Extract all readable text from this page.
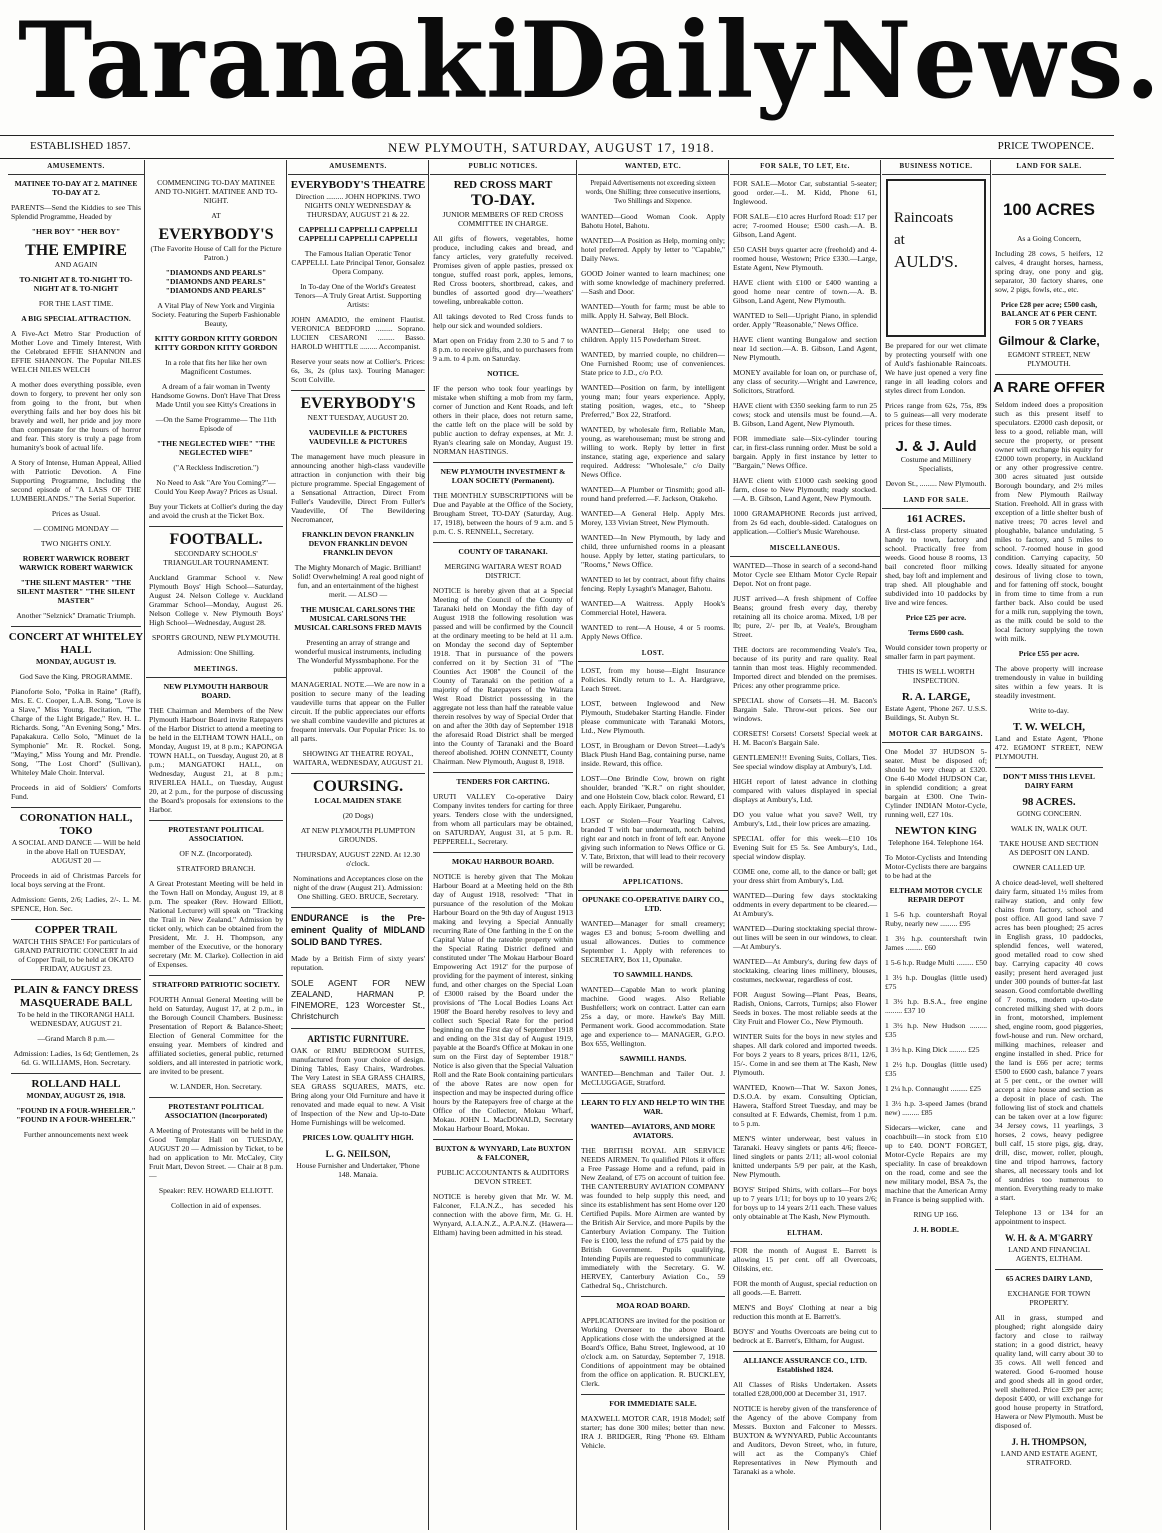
Taranaki
Daily News.
ESTABLISHED 1857.	NEW PLYMOUTH, SATURDAY, AUGUST 17, 1918.	PRICE TWOPENCE.
AMUSEMENTS.
MATINEE TO-DAY AT 2. MATINEE TO-DAY AT 2.
PARENTS—Send the Kiddies to see This Splendid Programme, Headed by
"HER BOY" "HER BOY"
THE EMPIRE
AND AGAIN
TO-NIGHT AT 8. TO-NIGHT TO-NIGHT AT 8. TO-NIGHT
FOR THE LAST TIME.
A BIG SPECIAL ATTRACTION.
A Five-Act Metro Star Production of Mother Love and Timely Interest, With the Celebrated EFFIE SHANNON and EFFIE SHANNON. The Popular NILES WELCH NILES WELCH
A mother does everything possible, even down to forgery, to prevent her only son from going to the front, but when everything fails and her boy does his bit bravely and well, her pride and joy more than compensate for the hours of horror and fear. This story is truly a page from humanity's book of actual life.
A Story of Intense, Human Appeal, Allied with Patriotic Devotion. A Fine Supporting Programme, Including the second episode of "A LASS OF THE LUMBERLANDS." The Serial Superior.
Prices as Usual.
— COMING MONDAY —
TWO NIGHTS ONLY.
ROBERT WARWICK ROBERT WARWICK ROBERT WARWICK
"THE SILENT MASTER" "THE SILENT MASTER" "THE SILENT MASTER"
Another "Selznick" Dramatic Triumph.
CONCERT AT WHITELEY HALL
MONDAY, AUGUST 19.
God Save the King. PROGRAMME.
Pianoforte Solo, "Polka in Raine" (Raff), Mrs. E. C. Cooper, L.A.B. Song, "Love is a Slave," Miss Young. Recitation, "The Charge of the Light Brigade," Rev. H. L. Richards. Song, "An Evening Song," Mrs. Papakakura. Cello Solo, "Minuet de la Symphonie" Mr. R. Rockel. Song, "Maying," Miss Young and Mr. Prendle. Song, "The Lost Chord" (Sullivan), Whiteley Male Choir. Interval.
Proceeds in aid of Soldiers' Comforts Fund.
CORONATION HALL, TOKO
A SOCIAL AND DANCE — Will be held in the above Hall on TUESDAY, AUGUST 20 —
Proceeds in aid of Christmas Parcels for local boys serving at the Front.
Admission: Gents, 2/6; Ladies, 2/-. L. M. SPENCE, Hon. Sec.
COPPER TRAIL
WATCH THIS SPACE! For particulars of GRAND PATRIOTIC CONCERT In aid of Copper Trail, to be held at OKATO FRIDAY, AUGUST 23.
PLAIN & FANCY DRESS MASQUERADE BALL
To be held in the TIKORANGI HALL WEDNESDAY, AUGUST 21.
—Grand March 8 p.m.—
Admission: Ladies, 1s 6d; Gentlemen, 2s 6d. G. WILLIAMS, Hon. Secretary.
ROLLAND HALL
MONDAY, AUGUST 26, 1918.
"FOUND IN A FOUR-WHEELER." "FOUND IN A FOUR-WHEELER."
Further announcements next week
COMMENCING TO-DAY MATINEE AND TO-NIGHT. MATINEE AND TO-NIGHT.
AT
EVERYBODY'S
(The Favorite House of Call for the Picture Patron.)
"DIAMONDS AND PEARLS" "DIAMONDS AND PEARLS" "DIAMONDS AND PEARLS"
A Vital Play of New York and Virginia Society. Featuring the Superb Fashionable Beauty,
KITTY GORDON KITTY GORDON KITTY GORDON KITTY GORDON
In a role that fits her like her own Magnificent Costumes.
A dream of a fair woman in Twenty Handsome Gowns. Don't Have That Dress Made Until you see Kitty's Creations in
—On the Same Programme— The 11th Episode of
"THE NEGLECTED WIFE" "THE NEGLECTED WIFE"
("A Reckless Indiscretion.")
No Need to Ask "Are You Coming?"— Could You Keep Away? Prices as Usual.
Buy your Tickets at Collier's during the day and avoid the crush at the Ticket Box.
FOOTBALL.
SECONDARY SCHOOLS' TRIANGULAR TOURNAMENT.
Auckland Grammar School v. New Plymouth Boys' High School—Saturday, August 24. Nelson College v. Auckland Grammar School—Monday, August 26. Nelson College v. New Plymouth Boys' High School—Wednesday, August 28.
SPORTS GROUND, NEW PLYMOUTH.
Admission: One Shilling.
MEETINGS.
NEW PLYMOUTH HARBOUR BOARD.
THE Chairman and Members of the New Plymouth Harbour Board invite Ratepayers of the Harbor District to attend a meeting to be held in the ELTHAM TOWN HALL, on Monday, August 19, at 8 p.m.; KAPONGA TOWN HALL, on Tuesday, August 20, at 8 p.m.; MANGATOKI HALL, on Wednesday, August 21, at 8 p.m.; RIVERLEA HALL, on Tuesday, August 20, at 2 p.m., for the purpose of discussing the Board's proposals for extensions to the Harbor.
PROTESTANT POLITICAL ASSOCIATION.
OF N.Z. (Incorporated).
STRATFORD BRANCH.
A Great Protestant Meeting will be held in the Town Hall on Monday, August 19, at 8 p.m. The speaker (Rev. Howard Elliott, National Lecturer) will speak on "Tracking the Trail in New Zealand." Admission by ticket only, which can be obtained from the President, Mr. J. H. Thompson, any member of the Executive, or the honorary secretary (Mr. M. Clarke). Collection in aid of Expenses.
STRATFORD PATRIOTIC SOCIETY.
FOURTH Annual General Meeting will be held on Saturday, August 17, at 2 p.m., in the Borough Council Chambers. Business: Presentation of Report & Balance-Sheet; Election of General Committee for the ensuing year. Members of kindred and affiliated societies, general public, returned soldiers, and all interested in patriotic work, are invited to be present.
W. LANDER, Hon. Secretary.
PROTESTANT POLITICAL ASSOCIATION (Incorporated)
A Meeting of Protestants will be held in the Good Templar Hall on TUESDAY, AUGUST 20 — Admission by Ticket, to be had on application to Mr. McCaley, City Fruit Mart, Devon Street. — Chair at 8 p.m. —
Speaker: REV. HOWARD ELLIOTT.
Collection in aid of expenses.
AMUSEMENTS.
EVERYBODY'S THEATRE
Direction ......... JOHN HOPKINS. TWO NIGHTS ONLY WEDNESDAY & THURSDAY, AUGUST 21 & 22.
CAPPELLI CAPPELLI CAPPELLI CAPPELLI CAPPELLI CAPPELLI
The Famous Italian Operatic Tenor CAPPELLI. Late Principal Tenor, Gonsalez Opera Company.
In To-day One of the World's Greatest Tenors—A Truly Great Artist. Supporting Artists:
JOHN AMADIO, the eminent Flautist. VERONICA BEDFORD ......... Soprano. LUCIEN CESARONI ......... Basso. HAROLD WHITTLE ......... Accompanist.
Reserve your seats now at Collier's. Prices: 6s, 3s, 2s (plus tax). Touring Manager: Scott Colville.
EVERYBODY'S
NEXT TUESDAY, AUGUST 20.
VAUDEVILLE & PICTURES VAUDEVILLE & PICTURES
The management have much pleasure in announcing another high-class vaudeville attraction in conjunction with their big picture programme. Special Engagement of a Sensational Attraction, Direct From Fuller's Vaudeville, Direct From Fuller's Vaudeville, Of The Bewildering Necromancer,
FRANKLIN DEVON FRANKLIN DEVON FRANKLIN DEVON FRANKLIN DEVON
The Mighty Monarch of Magic. Brilliant! Solid! Overwhelming! A real good night of fun, and an entertainment of the highest merit. — ALSO —
THE MUSICAL CARLSONS THE MUSICAL CARLSONS THE MUSICAL CARLSONS FRED MAVIS
Presenting an array of strange and wonderful musical instruments, including The Wonderful Myssmbaphone. For the public approval.
MANAGERIAL NOTE.—We are now in a position to secure many of the leading vaudeville turns that appear on the Fuller circuit. If the public appreciates our efforts we shall combine vaudeville and pictures at frequent intervals. Our Popular Price: 1s. to all parts.
SHOWING AT THEATRE ROYAL, WAITARA, WEDNESDAY, AUGUST 21.
COURSING.
LOCAL MAIDEN STAKE
(20 Dogs)
AT NEW PLYMOUTH PLUMPTON GROUNDS.
THURSDAY, AUGUST 22ND. At 12.30 o'clock.
Nominations and Acceptances close on the night of the draw (August 21). Admission: One Shilling. GEO. BRUCE, Secretary.
ENDURANCE is the Pre-eminent Quality of MIDLAND SOLID BAND TYRES.
Made by a British Firm of sixty years' reputation.
SOLE AGENT FOR NEW ZEALAND, HARMAN P. FINEMORE, 123 Worcester St., Christchurch
ARTISTIC FURNITURE.
OAK or RIMU BEDROOM SUITES, manufactured from your choice of design. Dining Tables, Easy Chairs, Wardrobes. The Very Latest in SEA GRASS CHAIRS, SEA GRASS SQUARES, MATS, etc. Bring along your Old Furniture and have it renovated and made equal to new. A Visit of Inspection of the New and Up-to-Date Home Furnishings will be welcomed.
PRICES LOW. QUALITY HIGH.
L. G. NEILSON,
House Furnisher and Undertaker, 'Phone 148. Manaia.
PUBLIC NOTICES.
RED CROSS MART
TO-DAY.
JUNIOR MEMBERS OF RED CROSS COMMITTEE IN CHARGE.
All gifts of flowers, vegetables, home produce, including cakes and bread, and fancy articles, very gratefully received. Promises given of apple pasties, pressed ox tongue, stuffed roast pork, apples, lemons, Red Cross booters, shortbread, cakes, and bundles of assorted good dry—'weathers' toweling, unbreakable cotton.
All takings devoted to Red Cross funds to help our sick and wounded soldiers.
Mart open on Friday from 2.30 to 5 and 7 to 8 p.m. to receive gifts, and to purchasers from 9 a.m. to 4 p.m. on Saturday.
NOTICE.
IF the person who took four yearlings by mistake when shifting a mob from my farm, corner of Junction and Kent Roads, and left others in their place, does not return same, the cattle left on the place will be sold by public auction to defray expenses, at Mr. J. Ryan's clearing sale on Monday, August 19. NORMAN HASTINGS.
NEW PLYMOUTH INVESTMENT & LOAN SOCIETY (Permanent).
THE MONTHLY SUBSCRIPTIONS will be Due and Payable at the Office of the Society, Brougham Street, TO-DAY (Saturday, Aug. 17, 1918), between the hours of 9 a.m. and 5 p.m. C. S. RENNELL, Secretary.
COUNTY OF TARANAKI.
MERGING WAITARA WEST ROAD DISTRICT.
NOTICE is hereby given that at a Special Meeting of the Council of the County of Taranaki held on Monday the fifth day of August 1918 the following resolution was passed and will be confirmed by the Council at the ordinary meeting to be held at 11 a.m. on Monday the second day of September 1918. That in pursuance of the powers conferred on it by Section 31 of "The Counties Act 1908" the Council of the County of Taranaki on the petition of a majority of the Ratepayers of the Waitara West Road District possessing in the aggregate not less than half the rateable value therein resolves by way of Special Order that on and after the 30th day of September 1918 the aforesaid Road District shall be merged into the County of Taranaki and the Board thereof abolished. JOHN CONNETT, County Chairman. New Plymouth, August 8, 1918.
TENDERS FOR CARTING.
URUTI VALLEY Co-operative Dairy Company invites tenders for carting for three years. Tenders close with the undersigned, from whom all particulars may be obtained, on SATURDAY, August 31, at 5 p.m. R. PEPPERELL, Secretary.
MOKAU HARBOUR BOARD.
NOTICE is hereby given that The Mokau Harbour Board at a Meeting held on the 8th day of August 1918, resolved: "That in pursuance of the resolution of the Mokau Harbour Board on the 9th day of August 1913 making and levying a Special Annually recurring Rate of One farthing in the £ on the Capital Value of the rateable property within the Special Rating District defined and constituted under 'The Mokau Harbour Board Empowering Act 1912' for the purpose of providing for the payment of interest, sinking fund, and other charges on the Special Loan of £3000 raised by the Board under the provisions of 'The Local Bodies Loans Act 1908' the Board hereby resolves to levy and collect such Special Rate for the period beginning on the First day of September 1918 and ending on the 31st day of August 1919, payable at the Board's Office at Mokau in one sum on the First day of September 1918." Notice is also given that the Special Valuation Roll and the Rate Book containing particulars of the above Rates are now open for inspection and may be inspected during office hours by the Ratepayers free of charge at the Office of the Collector, Mokau Wharf, Mokau. JOHN L. MacDONALD, Secretary Mokau Harbour Board, Mokau.
BUXTON & WYNYARD, Late BUXTON & FALCONER,
PUBLIC ACCOUNTANTS & AUDITORS DEVON STREET.
NOTICE is hereby given that Mr. W. M. Falconer, F.I.A.N.Z., has seceded his connection with the above firm, Mr. G. H. Wynyard, A.I.A.N.Z., A.P.A.N.Z. (Hawera—Eltham) having been admitted in his stead.
WANTED, ETC.
Prepaid Advertisements not exceeding sixteen words, One Shilling; three consecutive insertions, Two Shillings and Sixpence.
WANTED—Good Woman Cook. Apply Bahotu Hotel, Bahotu.
WANTED—A Position as Help, morning only; hotel preferred. Apply by letter to "Capable," Daily News.
GOOD Joiner wanted to learn machines; one with some knowledge of machinery preferred.—Sash and Door.
WANTED—Youth for farm; must be able to milk. Apply H. Salway, Bell Block.
WANTED—General Help; one used to children. Apply 115 Powderham Street.
WANTED, by married couple, no children—One Furnished Room; use of conveniences. State price to J.D., c/o P.O.
WANTED—Position on farm, by intelligent young man; four years experience. Apply, stating position, wages, etc., to "Sheep Preferred," Box 22, Stratford.
WANTED, by wholesale firm, Reliable Man, young, as warehouseman; must be strong and willing to work. Reply by letter in first instance, stating age, experience and salary required. Address: "Wholesale," c/o Daily News Office.
WANTED—A Plumber or Tinsmith; good all-round hand preferred.—F. Jackson, Otakeho.
WANTED—A General Help. Apply Mrs. Morey, 133 Vivian Street, New Plymouth.
WANTED—In New Plymouth, by lady and child, three unfurnished rooms in a pleasant house. Apply by letter, stating particulars, to "Rooms," News Office.
WANTED to let by contract, about fifty chains fencing. Reply Lysaght's Manager, Bahotu.
WANTED—A Waitress. Apply Hook's Commercial Hotel, Hawera.
WANTED to rent—A House, 4 or 5 rooms. Apply News Office.
LOST.
LOST, from my house—Eight Insurance Policies. Kindly return to L. A. Hardgrave, Leach Street.
LOST, between Inglewood and New Plymouth, Studebaker Starting Handle. Finder please communicate with Taranaki Motors, Ltd., New Plymouth.
LOST, in Brougham or Devon Street—Lady's Black Plush Hand Bag, containing purse, name inside. Reward, this office.
LOST—One Brindle Cow, brown on right shoulder, branded "K.R." on right shoulder, and one Holstein Cow, black color. Reward, £1 each. Apply Eirikaer, Pungarehu.
LOST or Stolen—Four Yearling Calves, branded T with bar underneath, notch behind right ear and notch in front of left ear. Anyone giving such information to News Office or G. V. Tate, Brixton, that will lead to their recovery will be rewarded.
APPLICATIONS.
OPUNAKE CO-OPERATIVE DAIRY CO., LTD.
WANTED—Manager for small creamery; wages £3 and bonus; 5-room dwelling and usual allowances. Duties to commence September 1. Apply with references to SECRETARY, Box 11, Opunake.
TO SAWMILL HANDS.
WANTED—Capable Man to work planing machine. Good wages. Also Reliable Bushfellers; work on contract. Latter can earn 25s a day, or more. Hawke's Bay Mill. Permanent work. Good accommodation. State age and experience to— MANAGER, G.P.O. Box 655, Wellington.
SAWMILL HANDS.
WANTED—Benchman and Tailer Out. J. McCLUGGAGE, Stratford.
LEARN TO FLY AND HELP TO WIN THE WAR.
WANTED—AVIATORS, AND MORE AVIATORS.
THE BRITISH ROYAL AIR SERVICE NEEDS AIRMEN. To qualified Pilots it offers a Free Passage Home and a refund, paid in New Zealand, of £75 on account of tuition fee. THE CANTERBURY AVIATION COMPANY was founded to help supply this need, and since its establishment has sent Home over 120 Certified Pupils. More Airmen are wanted by the British Air Service, and more Pupils by the Canterbury Aviation Company. The Tuition Fee is £100, less the refund of £75 paid by the British Government. Pupils qualifying, Intending Pupils are requested to communicate immediately with the Secretary. G. W. HERVEY, Canterbury Aviation Co., 59 Cathedral Sq., Christchurch.
MOA ROAD BOARD.
APPLICATIONS are invited for the position or Working Overseer to the above Board. Applications close with the undersigned at the Board's Office, Bahu Street, Inglewood, at 10 o'clock a.m. on Saturday, September 7, 1918. Conditions of appointment may be obtained from the office on application. R. BUCKLEY, Clerk.
FOR IMMEDIATE SALE.
MAXWELL MOTOR CAR, 1918 Model; self starter; has done 300 miles; better than new. IRA J. BRIDGER, Ring 'Phone 69. Eltham Vehicle.
FOR SALE, TO LET, Etc.
FOR SALE—Motor Car, substantial 5-seater; good order.—L. M. Kidd, Phone 61, Inglewood.
FOR SALE—£10 acres Hurford Road: £17 per acre; 7-roomed House; £500 cash.—A. B. Gibson, Land Agent.
£50 CASH buys quarter acre (freehold) and 4-roomed house, Westown; Price £330.—Large, Estate Agent, New Plymouth.
HAVE client with £100 or £400 wanting a good home near centre of town.—A. B. Gibson, Land Agent, New Plymouth.
WANTED to Sell—Upright Piano, in splendid order. Apply "Reasonable," News Office.
HAVE client wanting Bungalow and section near 1d section.—A. B. Gibson, Land Agent, New Plymouth.
MONEY available for loan on, or purchase of, any class of security.—Wright and Lawrence, Solicitors, Stratford.
HAVE client with £350 seeking farm to run 25 cows; stock and utensils must be found.—A. B. Gibson, Land Agent, New Plymouth.
FOR immediate sale—Six-cylinder touring car, in first-class running order. Must be sold a bargain. Apply in first instance by letter to "Bargain," News Office.
HAVE client with £1000 cash seeking good farm, close to New Plymouth; ready stocked.—A. B. Gibson, Land Agent, New Plymouth.
1000 GRAMAPHONE Records just arrived, from 2s 6d each, double-sided. Catalogues on application.—Collier's Music Warehouse.
MISCELLANEOUS.
WANTED—Those in search of a second-hand Motor Cycle see Eltham Motor Cycle Repair Depot. Not on front page.
JUST arrived—A fresh shipment of Coffee Beans; ground fresh every day, thereby retaining all its choice aroma. Mixed, 1/8 per lb; pure, 2/- per lb, at Veale's, Brougham Street.
THE doctors are recommending Veale's Tea, because of its purity and rare quality. Real tannin than most teas. Highly recommended. Imported direct and blended on the premises. Prices: any other programme price.
SPECIAL show of Corsets—H. M. Bacon's Bargain Sale. Throw-out prices. See our windows.
CORSETS! Corsets! Corsets! Special week at H. M. Bacon's Bargain Sale.
GENTLEMEN!!! Evening Suits, Collars, Ties. See special window display at Ambury's, Ltd.
HIGH report of latest advance in clothing compared with values displayed in special displays at Ambury's, Ltd.
DO you value what you save? Well, try Ambury's, Ltd., their low prices are amazing.
SPECIAL offer for this week—£10 10s Evening Suit for £5 5s. See Ambury's, Ltd., special window display.
COME one, come all, to the dance or ball; get your dress shirt from Ambury's, Ltd.
WANTED—During few days stocktaking oddments in every department to be cleared.—At Ambury's.
WANTED—During stocktaking special throw-out lines will be seen in our windows, to clear.—At Ambury's.
WANTED—At Ambury's, during few days of stocktaking, clearing lines millinery, blouses, costumes, neckwear, regardless of cost.
FOR August Sowing—Plant Peas, Beans, Radish, Onions, Carrots, Turnips; also Flower Seeds in boxes. The most reliable seeds at the City Fruit and Flower Co., New Plymouth.
WINTER Suits for the boys in new styles and shapes. All dark colored and imported tweeds. For boys 2 years to 8 years, prices 8/11, 12/6, 15/-. Come in and see them at The Kash, New Plymouth.
WANTED, Known—That W. Saxon Jones, D.S.O.A. by exam. Consulting Optician, Hawera, Stafford Street Tuesday, and may be consulted at F. Edwards, Chemist, from 1 p.m. to 5 p.m.
MEN'S winter underwear, best values in Taranaki. Heavy singlets or pants 4/6; fleece-lined singlets or pants 2/11; all-wool colonial knitted underpants 5/9 per pair, at the Kash, New Plymouth.
BOYS' Striped Shirts, with collars—For boys up to 7 years 1/11; for boys up to 10 years 2/6; for boys up to 14 years 2/11 each. These values only obtainable at The Kash, New Plymouth.
ELTHAM.
FOR the month of August E. Barrett is allowing 15 per cent. off all Overcoats, Oilskins, etc.
FOR the month of August, special reduction on all goods.—E. Barrett.
MEN'S and Boys' Clothing at near a big reduction this month at E. Barrett's.
BOYS' and Youths Overcoats are being cut to bedrock at E. Barrett's, Eltham, for August.
ALLIANCE ASSURANCE CO., LTD. Established 1824.
All Classes of Risks Undertaken. Assets totalled £28,000,000 at December 31, 1917.
NOTICE is hereby given of the transference of the Agency of the above Company from Messrs. Buxton and Falconer to Messrs. BUXTON & WYNYARD, Public Accountants and Auditors, Devon Street, who, in future, will act as the Company's Chief Representatives in New Plymouth and Taranaki as a whole.
BUSINESS NOTICE.
Raincoats
at
AULD'S.
Be prepared for our wet climate by protecting yourself with one of Auld's fashionable Raincoats. We have just opened a very fine range in all leading colors and styles direct from London.
Prices range from 62s, 75s, 89s to 5 guineas—all very moderate prices for these times.
J. & J. Auld
Costume and Millinery Specialists,
Devon St., ......... New Plymouth.
LAND FOR SALE.
161 ACRES.
A first-class property situated handy to town, factory and school. Practically free from weeds. Good house 8 rooms, 13 bail concreted floor milking shed, bay loft and implement and trap shed. All ploughable and subdivided into 10 paddocks by live and wire fences.
Price £25 per acre.
Terms £600 cash.
Would consider town property or smaller farm in part payment.
THIS IS WELL WORTH INSPECTION.
R. A. LARGE,
Estate Agent, 'Phone 267. U.S.S. Buildings, St. Aubyn St.
MOTOR CAR BARGAINS.
One Model 37 HUDSON 5-seater. Must be disposed of; should be very cheap at £320. One 6-40 Model HUDSON Car, in splendid condition; a great bargain at £300. One Twin-Cylinder INDIAN Motor-Cycle, running well, £27 10s.
NEWTON KING
Telephone 164. Telephone 164.
To Motor-Cyclists and Intending Motor-Cyclists there are bargains to be had at the
ELTHAM MOTOR CYCLE REPAIR DEPOT
1 5-6 h.p. countershaft Royal Ruby, nearly new ......... £95
1 3½ h.p. countershaft twin James ......... £60
1 5-6 h.p. Rudge Multi ......... £50
1 3½ h.p. Douglas (little used) £75
1 3½ h.p. B.S.A., free engine ......... £37 10
1 3½ h.p. New Hudson ......... £35
1 3½ h.p. King Dick ......... £25
1 2½ h.p. Douglas (little used) £35
1 2¼ h.p. Connaught ......... £25
1 3½ h.p. 3-speed James (brand new) ......... £85
Sidecars—wicker, cane and coachbuilt—in stock from £10 up to £40. DON'T FORGET, Motor-Cycle Repairs are my speciality. In case of breakdown on the road, come and see the new military model, BSA 7s, the machine that the American Army in France is being supplied with.
RING UP 166.
J. H. BODLE.
LAND FOR SALE.
100 ACRES
As a Going Concern,
Including 28 cows, 5 heifers, 12 calves, 4 draught horses, harness, spring dray, one pony and gig, separator, 30 factory shares, one sow, 2 pigs, fowls, etc., etc.
Price £28 per acre; £500 cash, BALANCE AT 6 PER CENT. FOR 5 OR 7 YEARS
Gilmour & Clarke,
EGMONT STREET, NEW PLYMOUTH.
A RARE OFFER
Seldom indeed does a proposition such as this present itself to speculators. £2000 cash deposit, or less to a good, reliable man, will secure the property, or present owner will exchange his equity for £2000 town property, in Auckland or any other progressive centre. 300 acres situated just outside Borough boundary, and 2½ miles from New Plymouth Railway Station. Freehold. All in grass with exception of a little shelter bush of native trees; 70 acres level and ploughable, balance undulating. 5 miles to factory, and 5 miles to school. 7-roomed house in good condition. Carrying capacity, 50 cows. Ideally situated for anyone desirous of living close to town, and for fattening off stock, bought in from time to time from a run farther back. Also could be used for a milk run, supplying the town, as the milk could be sold to the local factory supplying the town with milk.
Price £55 per acre.
The above property will increase tremendously in value in building sites within a few years. It is steadily investment.
Write to-day.
T. W. WELCH,
Land and Estate Agent, 'Phone 472. EGMONT STREET, NEW PLYMOUTH.
DON'T MISS THIS LEVEL DAIRY FARM
98 ACRES.
GOING CONCERN.
WALK IN, WALK OUT.
TAKE HOUSE AND SECTION AS DEPOSIT ON LAND.
OWNER CALLED UP.
A choice dead-level, well sheltered dairy farm, situated 1½ miles from railway station, and only few chains from factory, school and post office. All good land save 7 acres has been ploughed; 25 acres in English grass, 10 paddocks, splendid fences, well watered, good metalled road to cow shed bay. Carrying capacity 40 cows easily; present herd averaged just under 300 pounds of butter-fat last season. Good comfortable dwelling of 7 rooms, modern up-to-date concreted milking shed with doors in front, motorshed, implement shed, engine room, good piggeries, fowl-house and run. New orchard, milking machines, releaser and engine installed in shed. Price for the land is £66 per acre; terms £500 to £600 cash, balance 7 years at 5 per cent., or the owner will accept a nice house and section as a deposit in place of cash. The following list of stock and chattels can be taken over at a low figure: 34 Jersey cows, 11 yearlings, 3 horses, 2 cows, heavy pedigree bull calf, 15 store pigs, gig, dray, drill, disc, mower, roller, plough, tine and tripod harrows, factory shares, all necessary tools and lot of sundries too numerous to mention. Everything ready to make a start.
Telephone 13 or 134 for an appointment to inspect.
W. H. & A. M'GARRY
LAND AND FINANCIAL AGENTS, ELTHAM.
65 ACRES DAIRY LAND,
EXCHANGE FOR TOWN PROPERTY.
All in grass, stumped and ploughed; right alongside dairy factory and close to railway station; in a good district, heavy quality land, will carry about 30 to 35 cows. All well fenced and watered. Good 6-roomed house and good sheds all in good order, well sheltered. Price £39 per acre; deposit £400, or will exchange for good house property in Stratford, Hawera or New Plymouth. Must be disposed of.
J. H. THOMPSON,
LAND AND ESTATE AGENT, STRATFORD.
